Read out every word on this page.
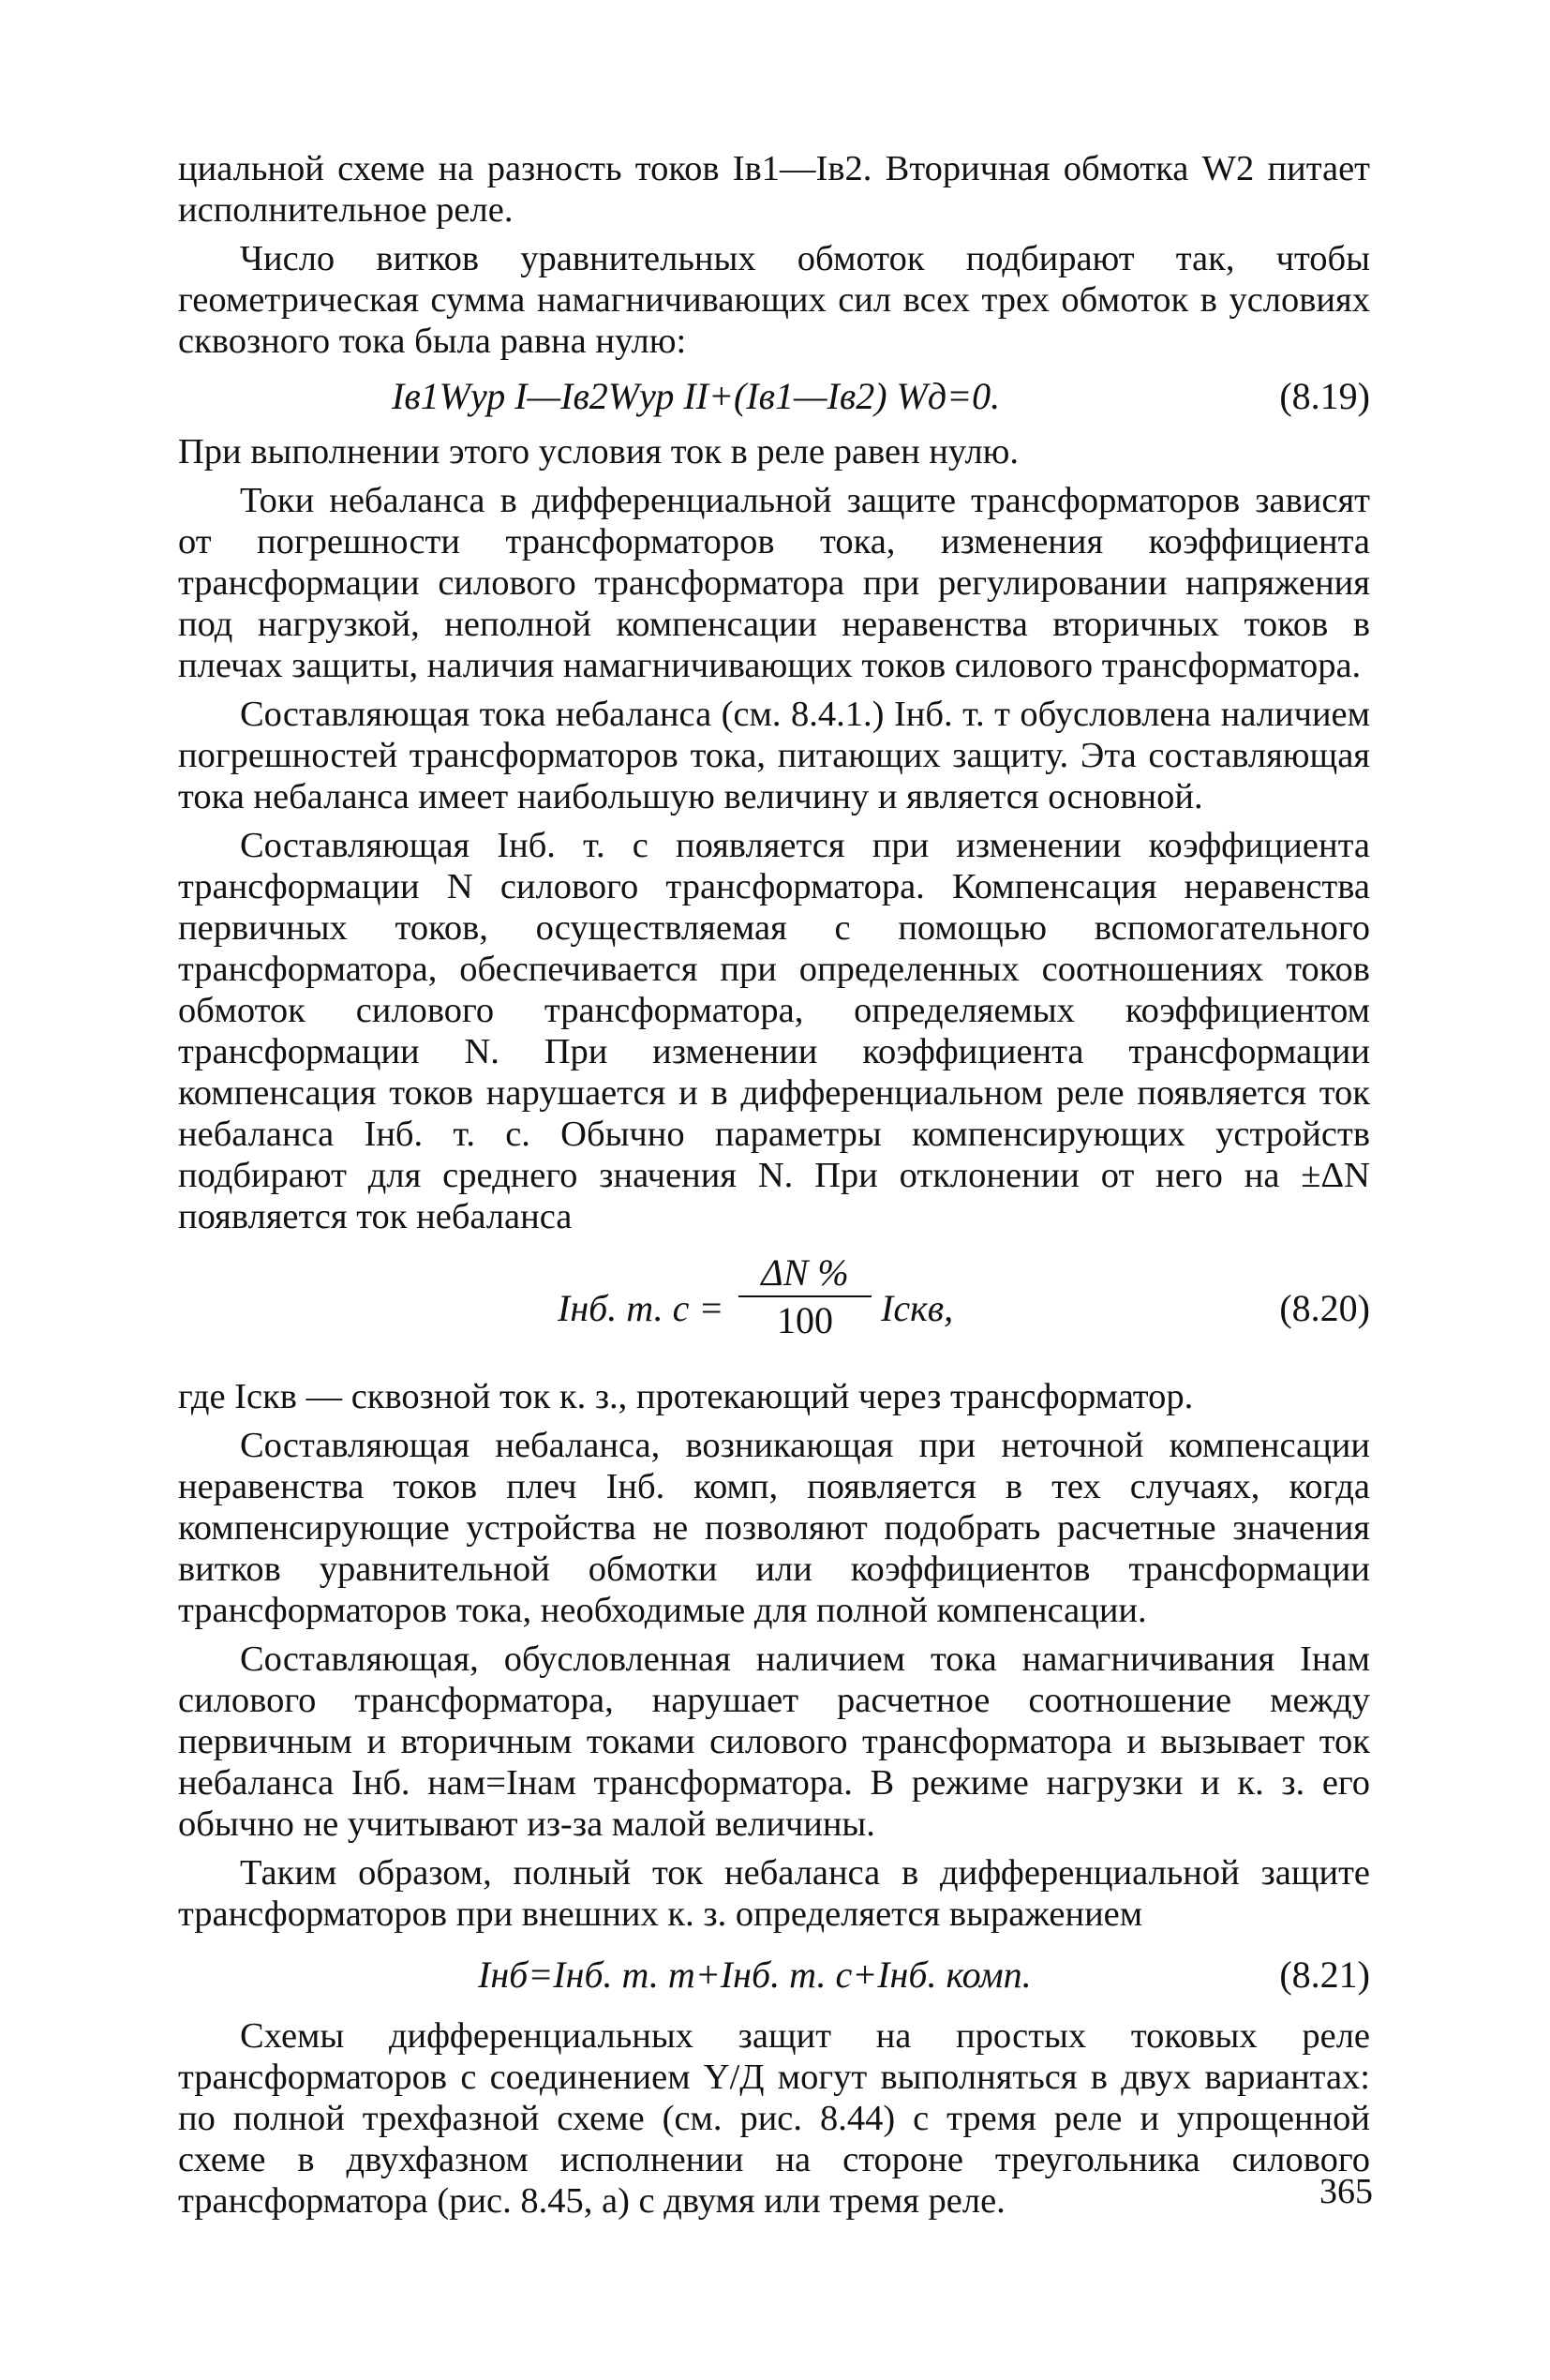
циальной схеме на разность токов Iв1—Iв2. Вторичная обмотка W2 питает исполнительное реле.

Число витков уравнительных обмоток подбирают так, чтобы геометрическая сумма намагничивающих сил всех трех обмоток в условиях сквозного тока была равна нулю:

Iв1Wур I—Iв2Wур II+(Iв1—Iв2) Wд=0.	(8.19)

При выполнении этого условия ток в реле равен нулю.

Токи небаланса в дифференциальной защите трансформаторов зависят от погрешности трансформаторов тока, изменения коэффициента трансформации силового трансформатора при регулировании напряжения под нагрузкой, неполной компенсации неравенства вторичных токов в плечах защиты, наличия намагничивающих токов силового трансформатора.

Составляющая тока небаланса (см. 8.4.1.) Iнб. т. т обусловлена наличием погрешностей трансформаторов тока, питающих защиту. Эта составляющая тока небаланса имеет наибольшую величину и является основной.

Составляющая Iнб. т. с появляется при изменении коэффициента трансформации N силового трансформатора. Компенсация неравенства первичных токов, осуществляемая с помощью вспомогательного трансформатора, обеспечивается при определенных соотношениях токов обмоток силового трансформатора, определяемых коэффициентом трансформации N. При изменении коэффициента трансформации компенсация токов нарушается и в дифференциальном реле появляется ток небаланса Iнб. т. с. Обычно параметры компенсирующих устройств подбирают для среднего значения N. При отклонении от него на ±ΔN появляется ток небаланса

Iнб. т. $с = \frac{\Delta N \%}{100}$ Iскв,	(8.20)

где Iскв — сквозной ток к. з., протекающий через трансформатор.

Составляющая небаланса, возникающая при неточной компенсации неравенства токов плеч Iнб. комп, появляется в тех случаях, когда компенсирующие устройства не позволяют подобрать расчетные значения витков уравнительной обмотки или коэффициентов трансформации трансформаторов тока, необходимые для полной компенсации.

Составляющая, обусловленная наличием тока намагничивания Iнам силового трансформатора, нарушает расчетное соотношение между первичным и вторичным токами силового трансформатора и вызывает ток небаланса Iнб. нам=Iнам трансформатора. В режиме нагрузки и к. з. его обычно не учитывают из-за малой величины.

Таким образом, полный ток небаланса в дифференциальной защите трансформаторов при внешних к. з. определяется выражением

Iнб=Iнб. т. т+Iнб. т. с+Iнб. комп.	(8.21)

Схемы дифференциальных защит на простых токовых реле трансформаторов с соединением Y/Д могут выполняться в двух вариантах: по полной трехфазной схеме (см. рис. 8.44) с тремя реле и упрощенной схеме в двухфазном исполнении на стороне треугольника силового трансформатора (рис. 8.45, а) с двумя или тремя реле.	365
